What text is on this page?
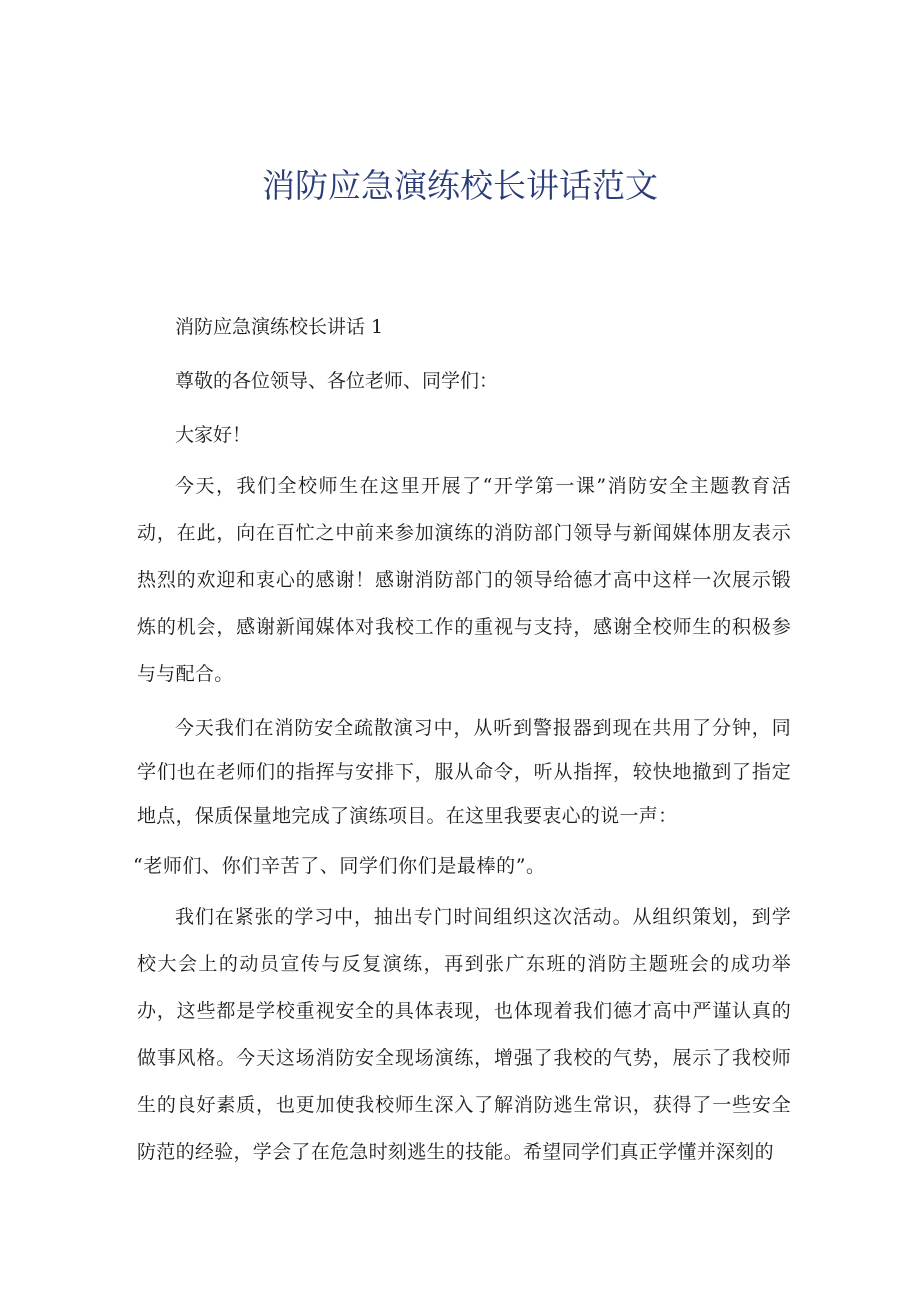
消防应急演练校长讲话范文
消防应急演练校长讲话 1
尊敬的各位领导、各位老师、同学们：
大家好！

今天，我们全校师生在这里开展了“开学第一课”消防安全主题教育活动，在此，向在百忙之中前来参加演练的消防部门领导与新闻媒体朋友表示热烈的欢迎和衷心的感谢！感谢消防部门的领导给德才高中这样一次展示锻炼的机会，感谢新闻媒体对我校工作的重视与支持，感谢全校师生的积极参与与配合。

今天我们在消防安全疏散演习中，从听到警报器到现在共用了分钟，同学们也在老师们的指挥与安排下，服从命令，听从指挥，较快地撤到了指定地点，保质保量地完成了演练项目。在这里我要衷心的说一声：

“老师们、你们辛苦了、同学们你们是最棒的”。

我们在紧张的学习中，抽出专门时间组织这次活动。从组织策划，到学校大会上的动员宣传与反复演练，再到张广东班的消防主题班会的成功举办，这些都是学校重视安全的具体表现，也体现着我们德才高中严谨认真的做事风格。今天这场消防安全现场演练，增强了我校的气势，展示了我校师生的良好素质，也更加使我校师生深入了解消防逃生常识，获得了一些安全防范的经验，学会了在危急时刻逃生的技能。希望同学们真正学懂并深刻的
